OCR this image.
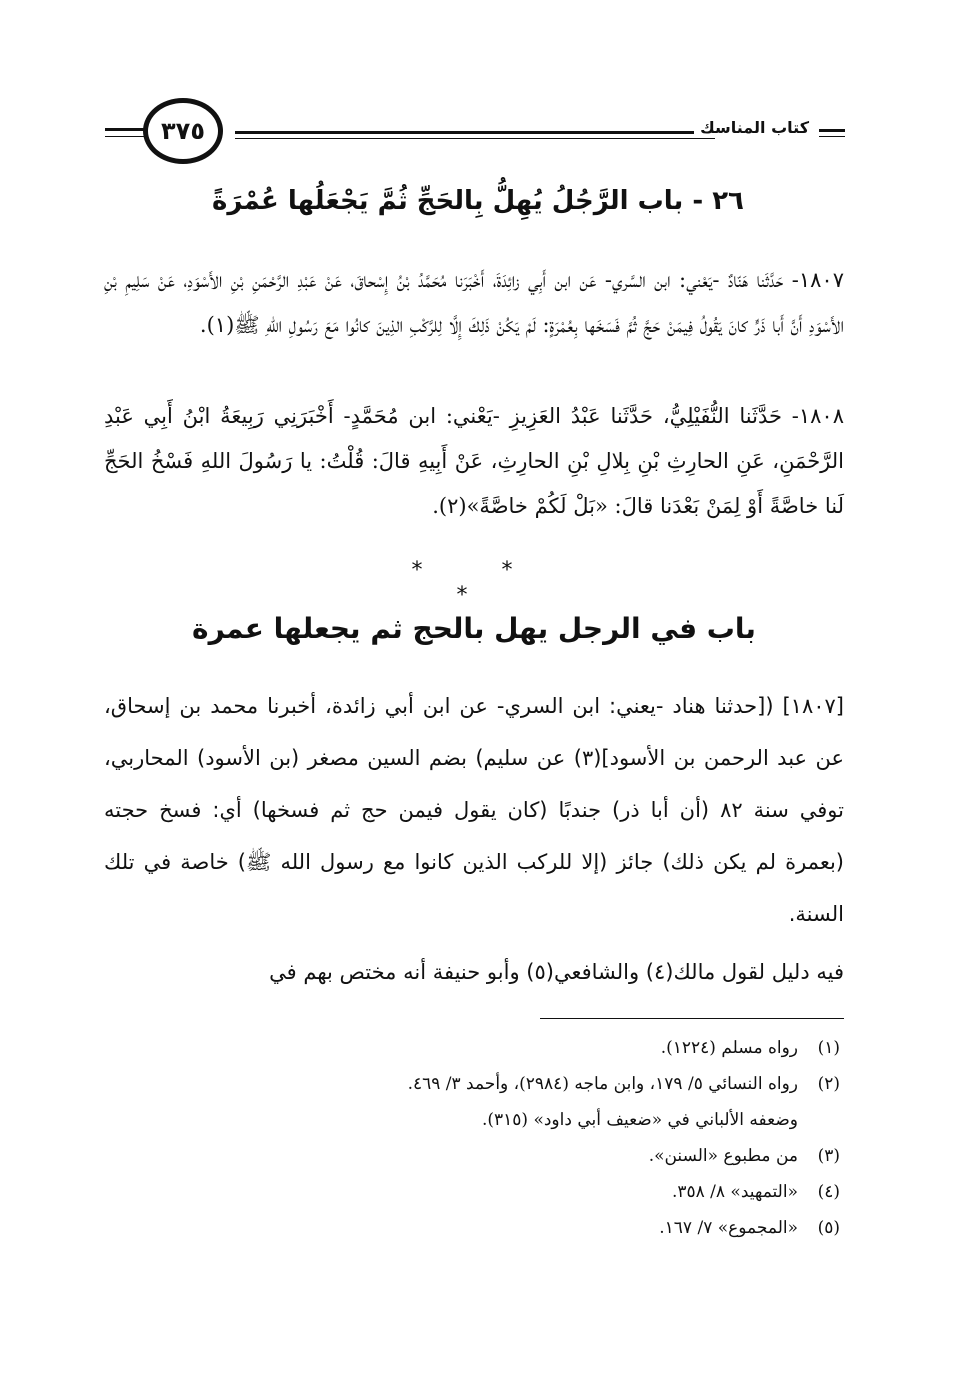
كتاب المناسك
٣٧٥
٢٦ - باب الرَّجُلُ يُهِلُّ بِالحَجِّ ثُمَّ يَجْعَلُها عُمْرَةً
١٨٠٧- حَدَّثَنا هَنّادٌ -يَعْني: ابن السَّري- عَن ابن أَبِي زائِدَةَ، أَخْبَرَنا مُحَمَّدُ بْنُ إِسْحاقَ، عَنْ عَبْدِ الرَّحْمَنِ بْنِ الأَسْوَدِ، عَنْ سَلِيمِ بْنِ الأَسْوَدِ أَنَّ أَبا ذَرٍّ كانَ يَقُولُ فِيمَنْ حَجَّ ثُمَّ فَسَخَها بِعُمْرَةٍ: لَمْ يَكُنْ ذَلِكَ إِلَّا لِلرَّكْبِ الذِينَ كانُوا مَعَ رَسُولِ اللهِ ﷺ(١).
١٨٠٨- حَدَّثَنا النُّفَيْلِيُّ، حَدَّثَنا عَبْدُ العَزِيزِ -يَعْني: ابن مُحَمَّدٍ- أَخْبَرَنِي رَبِيعَةُ ابْنُ أَبِي عَبْدِ الرَّحْمَنِ، عَنِ الحارِثِ بْنِ بِلالِ بْنِ الحارِثِ، عَنْ أَبِيهِ قالَ: قُلْتُ: يا رَسُولَ اللهِ فَسْخُ الحَجِّ لَنا خاصَّةً أَوْ لِمَنْ بَعْدَنا قالَ: «بَلْ لَكُمْ خاصَّةً»(٢).
* * *
باب في الرجل يهل بالحج ثم يجعلها عمرة
[١٨٠٧] ([حدثنا هناد -يعني: ابن السري- عن ابن أبي زائدة، أخبرنا محمد بن إسحاق، عن عبد الرحمن بن الأسود](٣) عن سليم) بضم السين مصغر (بن الأسود) المحاربي، توفي سنة ٨٢ (أن أبا ذر) جندبًا (كان يقول فيمن حج ثم فسخها) أي: فسخ حجته (بعمرة لم يكن ذلك) جائز (إلا للركب الذين كانوا مع رسول الله ﷺ) خاصة في تلك السنة.
فيه دليل لقول مالك(٤) والشافعي(٥) وأبو حنيفة أنه مختص بهم في
(١)رواه مسلم (١٢٢٤).
(٢)رواه النسائي ٥/ ١٧٩، وابن ماجه (٢٩٨٤)، وأحمد ٣/ ٤٦٩.
وضعفه الألباني في «ضعيف أبي داود» (٣١٥).
(٣)من مطبوع «السنن».
(٤)«التمهيد» ٨/ ٣٥٨.
(٥)«المجموع» ٧/ ١٦٧.
